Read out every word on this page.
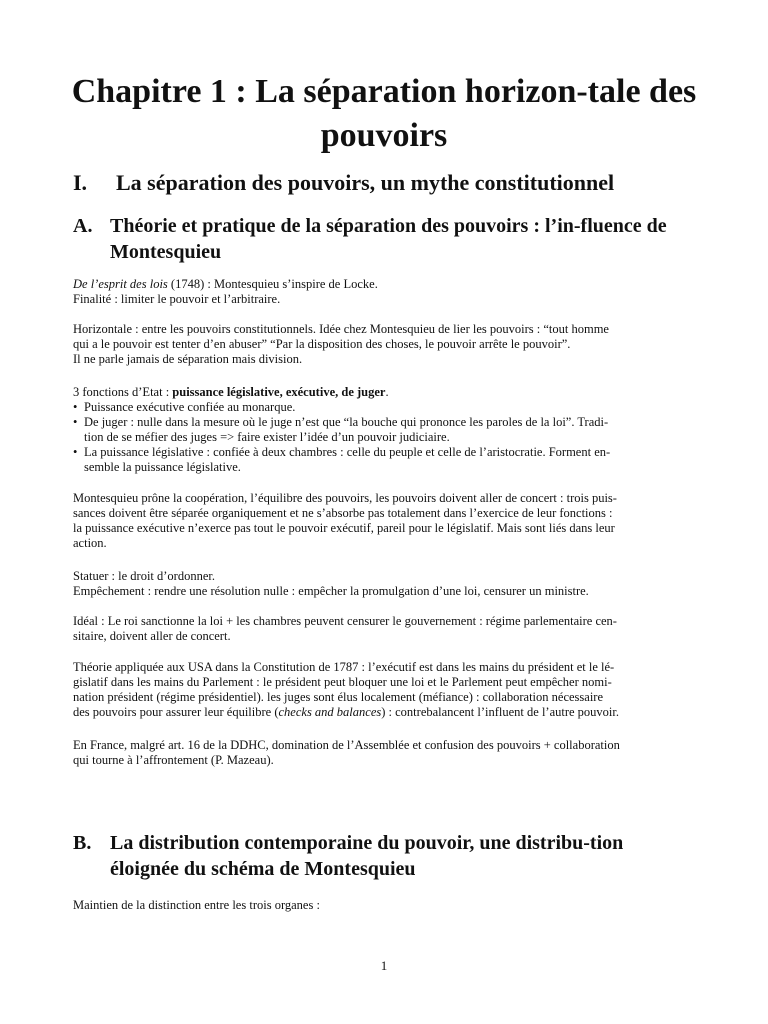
Chapitre 1 : La séparation horizon-tale des pouvoirs
I. La séparation des pouvoirs, un mythe constitutionnel
A. Théorie et pratique de la séparation des pouvoirs : l’in-fluence de Montesquieu

De l’esprit des lois (1748) : Montesquieu s’inspire de Locke.

Finalité : limiter le pouvoir et l’arbitraire.

Horizontale : entre les pouvoirs constitutionnels. Idée chez Montesquieu de lier les pouvoirs : “tout homme

qui a le pouvoir est tenter d’en abuser” “Par la disposition des choses, le pouvoir arrête le pouvoir”.

Il ne parle jamais de séparation mais division.

3 fonctions d’Etat : puissance législative, exécutive, de juger.

• Puissance exécutive confiée au monarque.
• De juger : nulle dans la mesure où le juge n’est que “la bouche qui prononce les paroles de la loi”. Tradi-
tion de se méfier des juges => faire exister l’idée d’un pouvoir judiciaire.
• La puissance législative : confiée à deux chambres : celle du peuple et celle de l’aristocratie. Forment en-
semble la puissance législative.

Montesquieu prône la coopération, l’équilibre des pouvoirs, les pouvoirs doivent aller de concert : trois puis-

sances doivent être séparée organiquement et ne s’absorbe pas totalement dans l’exercice de leur fonctions :

la puissance exécutive n’exerce pas tout le pouvoir exécutif, pareil pour le législatif. Mais sont liés dans leur

action.

Statuer : le droit d’ordonner.

Empêchement : rendre une résolution nulle : empêcher la promulgation d’une loi, censurer un ministre.

Idéal : Le roi sanctionne la loi + les chambres peuvent censurer le gouvernement : régime parlementaire cen-

sitaire, doivent aller de concert.

Théorie appliquée aux USA dans la Constitution de 1787 : l’exécutif est dans les mains du président et le lé-

gislatif dans les mains du Parlement : le président peut bloquer une loi et le Parlement peut empêcher nomi-

nation président (régime présidentiel). les juges sont élus localement (méfiance) : collaboration nécessaire

des pouvoirs pour assurer leur équilibre (checks and balances) : contrebalancent l’influent de l’autre pouvoir.

En France, malgré art. 16 de la DDHC, domination de l’Assemblée et confusion des pouvoirs + collaboration

qui tourne à l’affrontement (P. Mazeau).

B. La distribution contemporaine du pouvoir, une distribu-tion éloignée du schéma de Montesquieu

Maintien de la distinction entre les trois organes :

1
